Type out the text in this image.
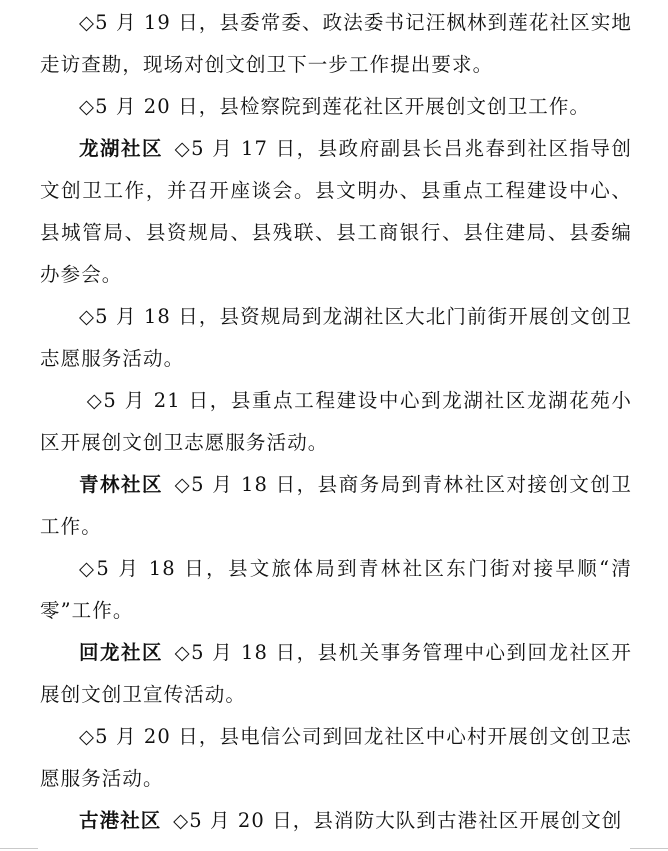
◇5 月 19 日，县委常委、政法委书记汪枫林到莲花社区实地走访查勘，现场对创文创卫下一步工作提出要求。

◇5 月 20 日，县检察院到莲花社区开展创文创卫工作。

龙湖社区 ◇5 月 17 日，县政府副县长吕兆春到社区指导创文创卫工作，并召开座谈会。县文明办、县重点工程建设中心、县城管局、县资规局、县残联、县工商银行、县住建局、县委编办参会。

◇5 月 18 日，县资规局到龙湖社区大北门前街开展创文创卫志愿服务活动。

◇5 月 21 日，县重点工程建设中心到龙湖社区龙湖花苑小区开展创文创卫志愿服务活动。

青林社区 ◇5 月 18 日，县商务局到青林社区对接创文创卫工作。

◇5 月 18 日，县文旅体局到青林社区东门街对接早顺“清零”工作。

回龙社区 ◇5 月 18 日，县机关事务管理中心到回龙社区开展创文创卫宣传活动。

◇5 月 20 日，县电信公司到回龙社区中心村开展创文创卫志愿服务活动。

古港社区 ◇5 月 20 日，县消防大队到古港社区开展创文创
